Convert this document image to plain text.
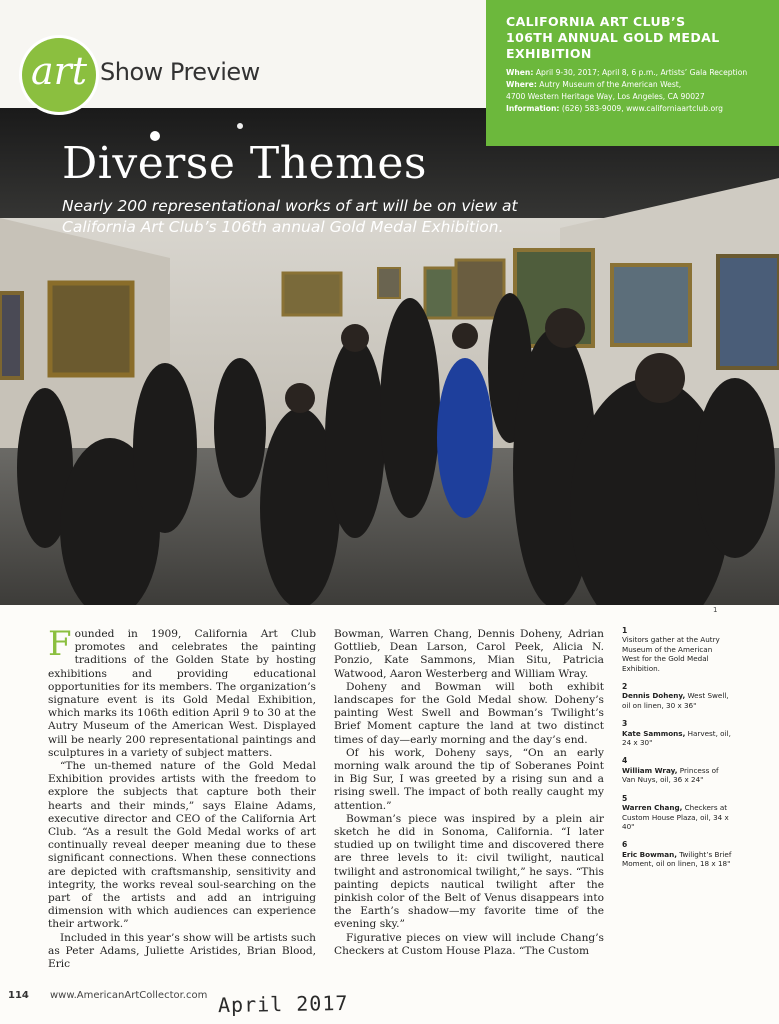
art Show Preview
Diverse Themes
Nearly 200 representational works of art will be on view at California Art Club’s 106th annual Gold Medal Exhibition.
1
CALIFORNIA ART CLUB’S
106TH ANNUAL GOLD MEDAL
EXHIBITION
When: April 9-30, 2017; April 8, 6 p.m., Artists’ Gala Reception
Where: Autry Museum of the American West,
4700 Western Heritage Way, Los Angeles, CA 90027
Information: (626) 583-9009, www.californiaartclub.org

Founded in 1909, California Art Club promotes and celebrates the painting traditions of the Golden State by hosting exhibitions and providing educational opportunities for its members. The organization’s signature event is its Gold Medal Exhibition, which marks its 106th edition April 9 to 30 at the Autry Museum of the American West. Displayed will be nearly 200 representational paintings and sculptures in a variety of subject matters.

“The un-themed nature of the Gold Medal Exhibition provides artists with the freedom to explore the subjects that capture both their hearts and their minds,” says Elaine Adams, executive director and CEO of the California Art Club. “As a result the Gold Medal works of art continually reveal deeper meaning due to these significant connections. When these connections are depicted with craftsmanship, sensitivity and integrity, the works reveal soul-searching on the part of the artists and add an intriguing dimension with which audiences can experience their artwork.”

Included in this year’s show will be artists such as Peter Adams, Juliette Aristides, Brian Blood, Eric

Bowman, Warren Chang, Dennis Doheny, Adrian Gottlieb, Dean Larson, Carol Peek, Alicia N. Ponzio, Kate Sammons, Mian Situ, Patricia Watwood, Aaron Westerberg and William Wray.

Doheny and Bowman will both exhibit landscapes for the Gold Medal show. Doheny’s painting West Swell and Bowman’s Twilight’s Brief Moment capture the land at two distinct times of day—early morning and the day’s end.

Of his work, Doheny says, “On an early morning walk around the tip of Soberanes Point in Big Sur, I was greeted by a rising sun and a rising swell. The impact of both really caught my attention.”

Bowman’s piece was inspired by a plein air sketch he did in Sonoma, California. “I later studied up on twilight time and discovered there are three levels to it: civil twilight, nautical twilight and astronomical twilight,” he says. “This painting depicts nautical twilight after the pinkish color of the Belt of Venus disappears into the Earth’s shadow—my favorite time of the evening sky.”

Figurative pieces on view will include Chang’s Checkers at Custom House Plaza. “The Custom

1
Visitors gather at the Autry Museum of the American West for the Gold Medal Exhibition.
2
Dennis Doheny, West Swell, oil on linen, 30 x 36"
3
Kate Sammons, Harvest, oil, 24 x 30"
4
William Wray, Princess of Van Nuys, oil, 36 x 24"
5
Warren Chang, Checkers at Custom House Plaza, oil, 34 x 40"
6
Eric Bowman, Twilight’s Brief Moment, oil on linen, 18 x 18"
114 www.AmericanArtCollector.com April 2017
